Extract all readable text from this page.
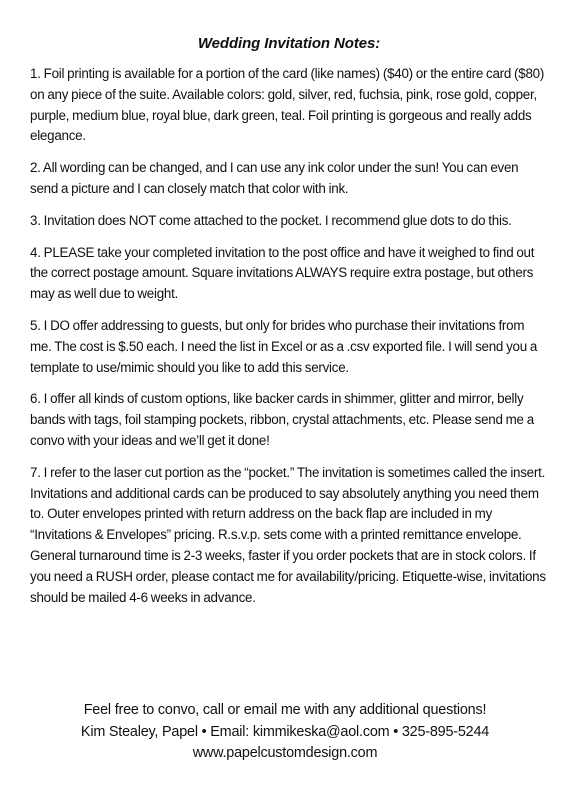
Wedding Invitation Notes:

1. Foil printing is available for a portion of the card (like names) ($40) or the entire card ($80) on any piece of the suite. Available colors: gold, silver, red, fuchsia, pink, rose gold, copper, purple, medium blue, royal blue, dark green, teal. Foil printing is gorgeous and really adds elegance.

2. All wording can be changed, and I can use any ink color under the sun! You can even send a picture and I can closely match that color with ink.

3. Invitation does NOT come attached to the pocket. I recommend glue dots to do this.

4. PLEASE take your completed invitation to the post office and have it weighed to find out the correct postage amount. Square invitations ALWAYS require extra postage, but others may as well due to weight.

5. I DO offer addressing to guests, but only for brides who purchase their invitations from me. The cost is $.50 each. I need the list in Excel or as a .csv exported file. I will send you a template to use/mimic should you like to add this service.

6. I offer all kinds of custom options, like backer cards in shimmer, glitter and mirror, belly bands with tags, foil stamping pockets, ribbon, crystal attachments, etc. Please send me a convo with your ideas and we’ll get it done!

7. I refer to the laser cut portion as the “pocket.” The invitation is sometimes called the insert. Invitations and additional cards can be produced to say absolutely anything you need them to. Outer envelopes printed with return address on the back flap are included in my “Invitations & Envelopes” pricing. R.s.v.p. sets come with a printed remittance envelope. General turnaround time is 2-3 weeks, faster if you order pockets that are in stock colors. If you need a RUSH order, please contact me for availability/pricing. Etiquette-wise, invitations should be mailed 4-6 weeks in advance.

Feel free to convo, call or email me with any additional questions!
Kim Stealey, Papel • Email: kimmikeska@aol.com • 325-895-5244
www.papelcustomdesign.com
